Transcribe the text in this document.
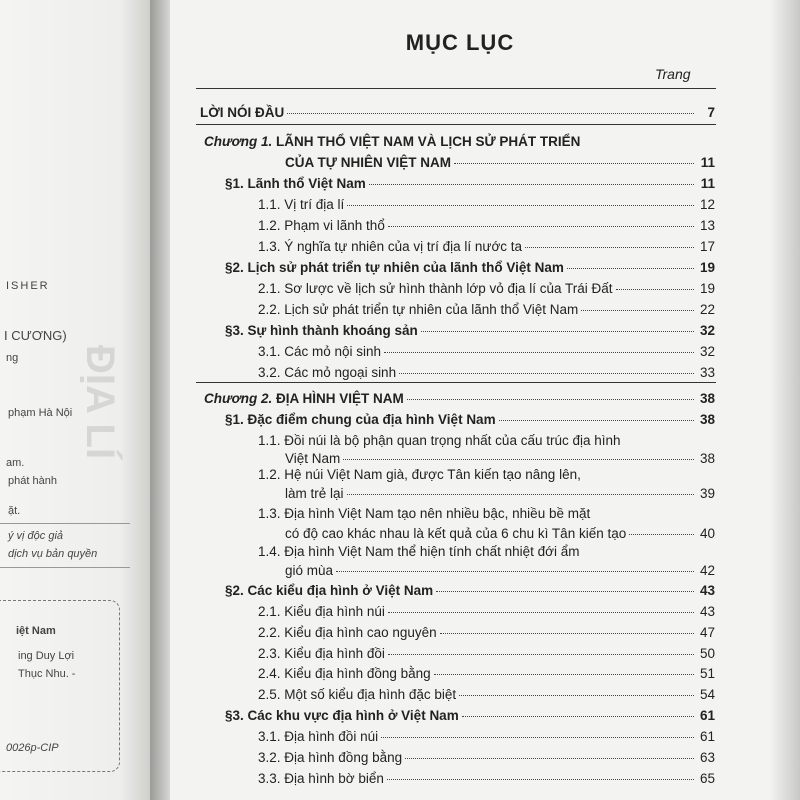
ĐỊA LÍ
ISHER
I CƯƠNG)
ng
phạm Hà Nội
am.
phát hành
ặt.
ý vị độc giả
dịch vụ bản quyền
iệt Nam
ing Duy Lợi
Thục Nhu. -
0026p-CIP
MỤC LỤC
Trang
LỜI NÓI ĐẦU	7
Chương 1. LÃNH THỔ VIỆT NAM VÀ LỊCH SỬ PHÁT TRIỂN
CỦA TỰ NHIÊN VIỆT NAM	11
§1. Lãnh thổ Việt Nam	11
1.1. Vị trí địa lí	12
1.2. Phạm vi lãnh thổ	13
1.3. Ý nghĩa tự nhiên của vị trí địa lí nước ta	17
§2. Lịch sử phát triển tự nhiên của lãnh thổ Việt Nam	19
2.1. Sơ lược về lịch sử hình thành lớp vỏ địa lí của Trái Đất	19
2.2. Lịch sử phát triển tự nhiên của lãnh thổ Việt Nam	22
§3. Sự hình thành khoáng sản	32
3.1. Các mỏ nội sinh	32
3.2. Các mỏ ngoại sinh	33
Chương 2.
ĐỊA HÌNH VIỆT NAM	38
§1. Đặc điểm chung của địa hình Việt Nam	38
1.1. Đồi núi là bộ phận quan trọng nhất của cấu trúc địa hình
Việt Nam	38
1.2. Hệ núi Việt Nam già, được Tân kiến tạo nâng lên,
làm trẻ lại	39
1.3. Địa hình Việt Nam tạo nên nhiều bậc, nhiều bề mặt
có độ cao khác nhau là kết quả của 6 chu kì Tân kiến tạo	40
1.4. Địa hình Việt Nam thể hiện tính chất nhiệt đới ẩm
gió mùa	42
§2. Các kiểu địa hình ở Việt Nam	43
2.1. Kiểu địa hình núi	43
2.2. Kiểu địa hình cao nguyên	47
2.3. Kiểu địa hình đồi	50
2.4. Kiểu địa hình đồng bằng	51
2.5. Một số kiểu địa hình đặc biệt	54
§3. Các khu vực địa hình ở Việt Nam	61
3.1. Địa hình đồi núi	61
3.2. Địa hình đồng bằng	63
3.3. Địa hình bờ biển	65
